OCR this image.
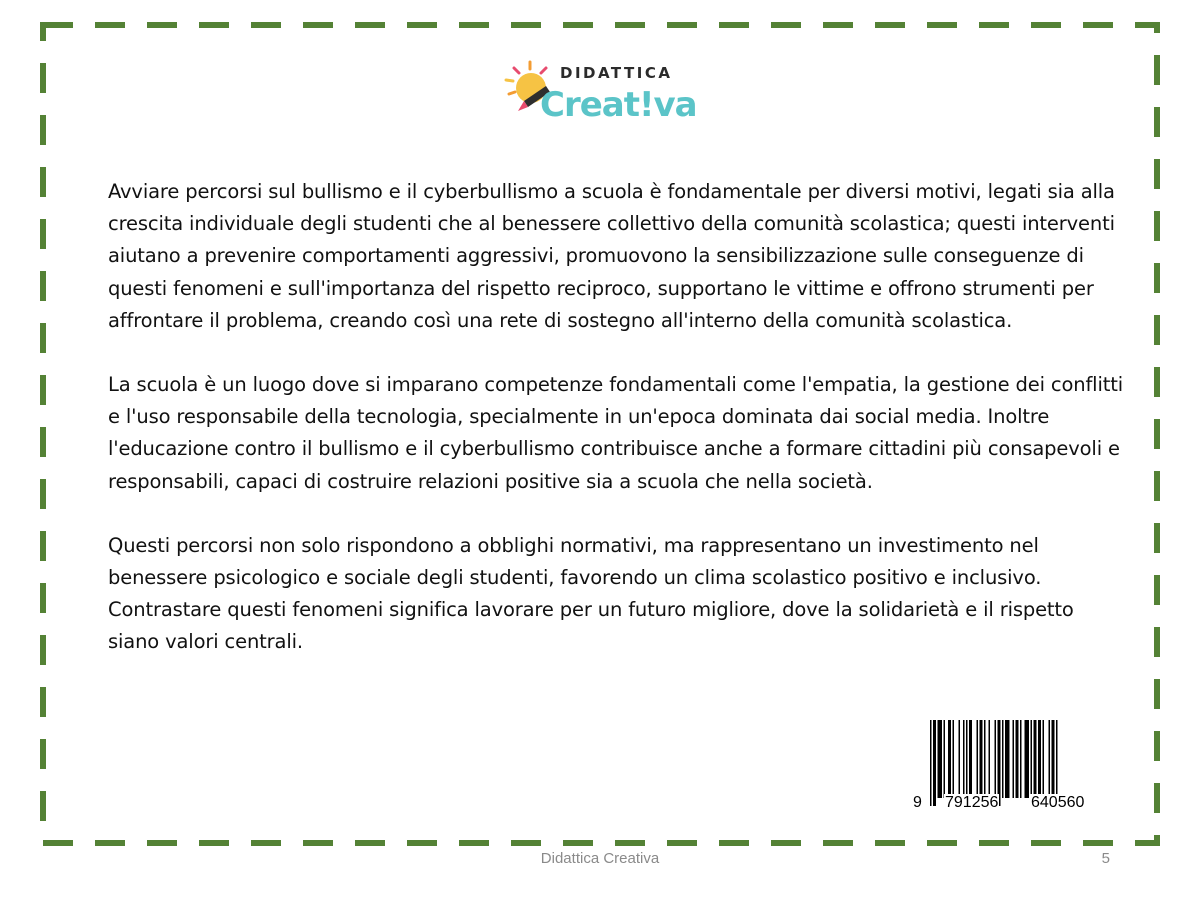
DIDATTICA
Creat!va

Avviare percorsi sul bullismo e il cyberbullismo a scuola è fondamentale per diversi motivi, legati sia alla crescita individuale degli studenti che al benessere collettivo della comunità scolastica; questi interventi aiutano a prevenire comportamenti aggressivi, promuovono la sensibilizzazione sulle conseguenze di questi fenomeni e sull'importanza del rispetto reciproco, supportano le vittime e offrono strumenti per affrontare il problema, creando così una rete di sostegno all'interno della comunità scolastica.

La scuola è un luogo dove si imparano competenze fondamentali come l'empatia, la gestione dei conflitti e l'uso responsabile della tecnologia, specialmente in un'epoca dominata dai social media. Inoltre l'educazione contro il bullismo e il cyberbullismo contribuisce anche a formare cittadini più consapevoli e responsabili, capaci di costruire relazioni positive sia a scuola che nella società.

Questi percorsi non solo rispondono a obblighi normativi, ma rappresentano un investimento nel benessere psicologico e sociale degli studenti, favorendo un clima scolastico positivo e inclusivo. Contrastare questi fenomeni significa lavorare per un futuro migliore, dove la solidarietà e il rispetto siano valori centrali.

9 791256 640560
Didattica Creativa	5
